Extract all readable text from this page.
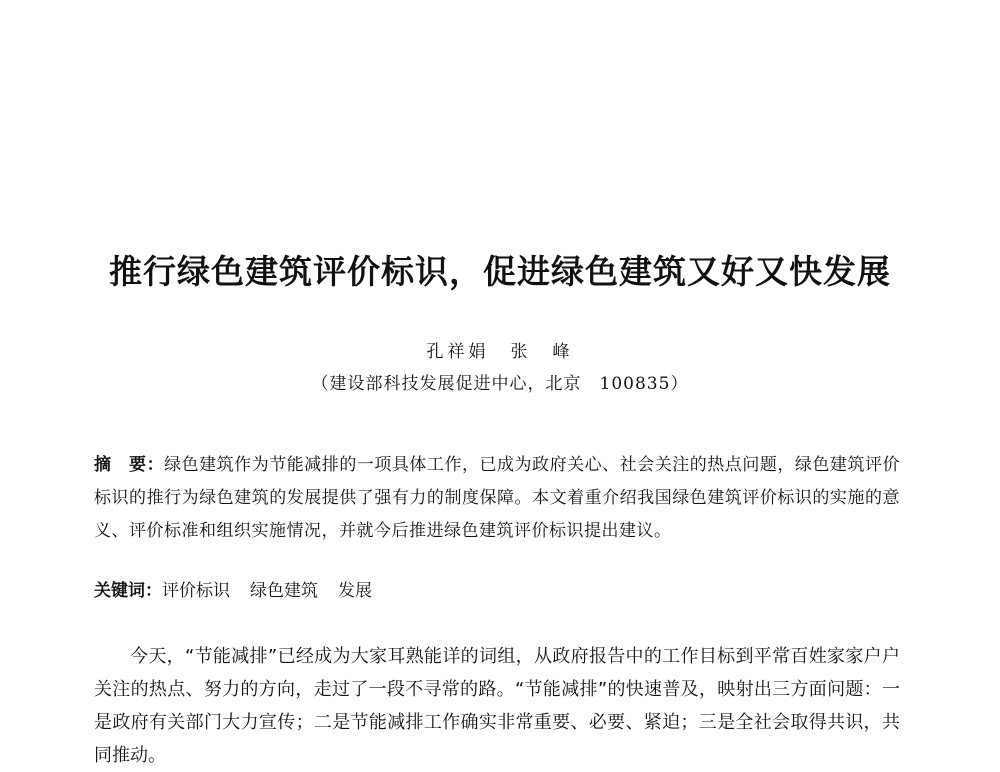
推行绿色建筑评价标识，促进绿色建筑又好又快发展
孔祥娟　张　峰
（建设部科技发展促进中心，北京　100835）

摘　要：绿色建筑作为节能减排的一项具体工作，已成为政府关心、社会关注的热点问题，绿色建筑评价标识的推行为绿色建筑的发展提供了强有力的制度保障。本文着重介绍我国绿色建筑评价标识的实施的意义、评价标准和组织实施情况，并就今后推进绿色建筑评价标识提出建议。

关键词：评价标识 绿色建筑 发展

今天，“节能减排”已经成为大家耳熟能详的词组，从政府报告中的工作目标到平常百姓家家户户关注的热点、努力的方向，走过了一段不寻常的路。“节能减排”的快速普及，映射出三方面问题：一是政府有关部门大力宣传；二是节能减排工作确实非常重要、必要、紧迫；三是全社会取得共识，共同推动。
